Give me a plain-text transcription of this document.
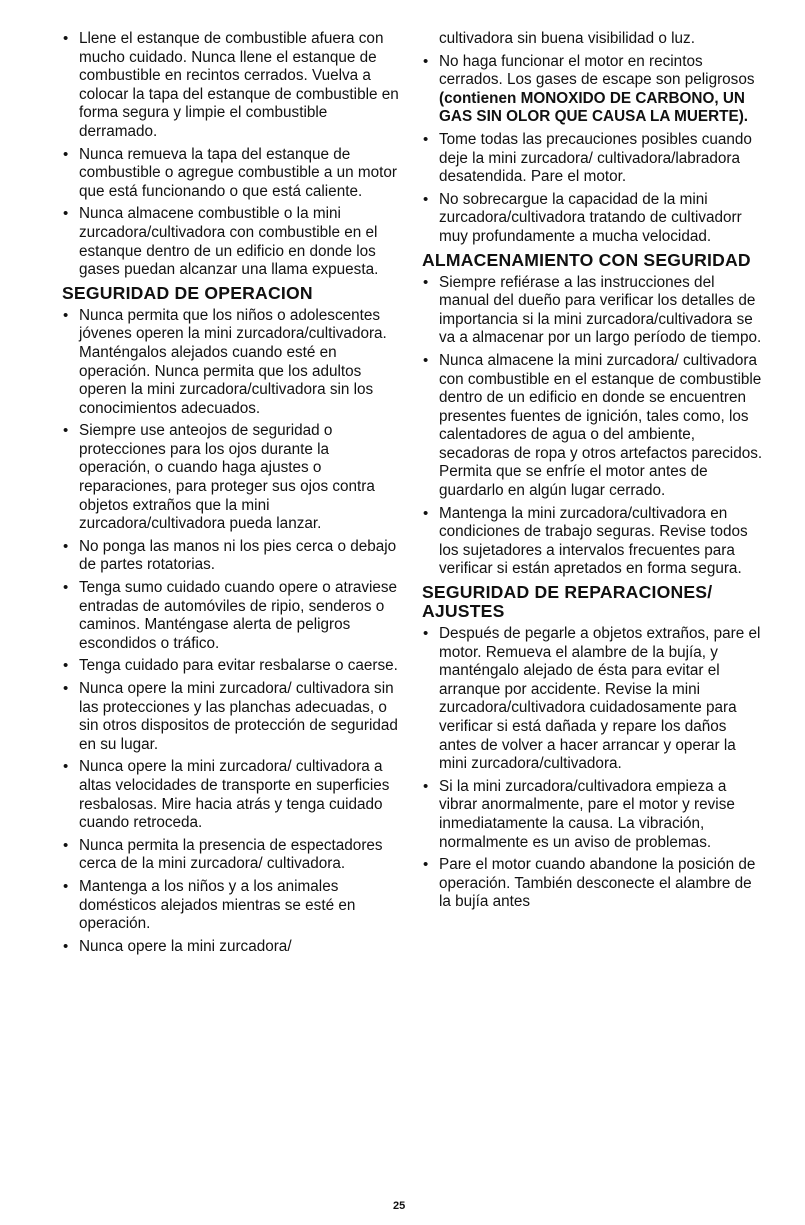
• Llene el estanque de combustible afuera con mucho cuidado. Nunca llene el estanque de combustible en recintos cerrados. Vuelva a colocar la tapa del estanque de combustible en forma segura y limpie el combustible derramado.
• Nunca remueva la tapa del estanque de combustible o agregue combustible a un motor que está funcionando o que está caliente.
• Nunca almacene combustible o la mini zurcadora/cultivadora con combustible en el estanque dentro de un edificio en donde los gases puedan alcanzar una llama expuesta.
SEGURIDAD DE OPERACION
• Nunca permita que los niños o adolescentes jóvenes operen la mini zurcadora/cultivadora. Manténgalos alejados cuando esté en operación. Nunca permita que los adultos operen la mini zurcadora/cultivadora sin los conocimientos adecuados.
• Siempre use anteojos de seguridad o protecciones para los ojos durante la operación, o cuando haga ajustes o reparaciones, para proteger sus ojos contra objetos extraños que la mini zurcadora/cultivadora pueda lanzar.
• No ponga las manos ni los pies cerca o debajo de partes rotatorias.
• Tenga sumo cuidado cuando opere o atraviese entradas de automóviles de ripio, senderos o caminos. Manténgase alerta de peligros escondidos o tráfico.
• Tenga cuidado para evitar resbalarse o caerse.
• Nunca opere la mini zurcadora/ cultivadora sin las protecciones y las planchas adecuadas, o sin otros dispositos de protección de seguridad en su lugar.
• Nunca opere la mini zurcadora/ cultivadora a altas velocidades de transporte en superficies resbalosas. Mire hacia atrás y tenga cuidado cuando retroceda.
• Nunca permita la presencia de espectadores cerca de la mini zurcadora/ cultivadora.
• Mantenga a los niños y a los animales domésticos alejados mientras se esté en operación.
• Nunca opere la mini zurcadora/
cultivadora sin buena visibilidad o luz.
• No haga funcionar el motor en recintos cerrados. Los gases de escape son peligrosos (contienen MONOXIDO DE CARBONO, UN GAS SIN OLOR QUE CAUSA LA MUERTE).
• Tome todas las precauciones posibles cuando deje la mini zurcadora/ cultivadora/labradora desatendida. Pare el motor.
• No sobrecargue la capacidad de la mini zurcadora/cultivadora tratando de cultivadorr muy profundamente a mucha velocidad.
ALMACENAMIENTO CON SEGURIDAD
• Siempre refiérase a las instrucciones del manual del dueño para verificar los detalles de importancia si la mini zurcadora/cultivadora se va a almacenar por un largo período de tiempo.
• Nunca almacene la mini zurcadora/ cultivadora con combustible en el estanque de combustible dentro de un edificio en donde se encuentren presentes fuentes de ignición, tales como, los calentadores de agua o del ambiente, secadoras de ropa y otros artefactos parecidos. Permita que se enfríe el motor antes de guardarlo en algún lugar cerrado.
• Mantenga la mini zurcadora/cultivadora en condiciones de trabajo seguras. Revise todos los sujetadores a intervalos frecuentes para verificar si están apretados en forma segura.
SEGURIDAD DE REPARACIONES/ AJUSTES
• Después de pegarle a objetos extraños, pare el motor. Remueva el alambre de la bujía, y manténgalo alejado de ésta para evitar el arranque por accidente. Revise la mini zurcadora/cultivadora cuidadosamente para verificar si está dañada y repare los daños antes de volver a hacer arrancar y operar la mini zurcadora/cultivadora.
• Si la mini zurcadora/cultivadora empieza a vibrar anormalmente, pare el motor y revise inmediatamente la causa. La vibración, normalmente es un aviso de problemas.
• Pare el motor cuando abandone la posición de operación. También desconecte el alambre de la bujía antes
25
